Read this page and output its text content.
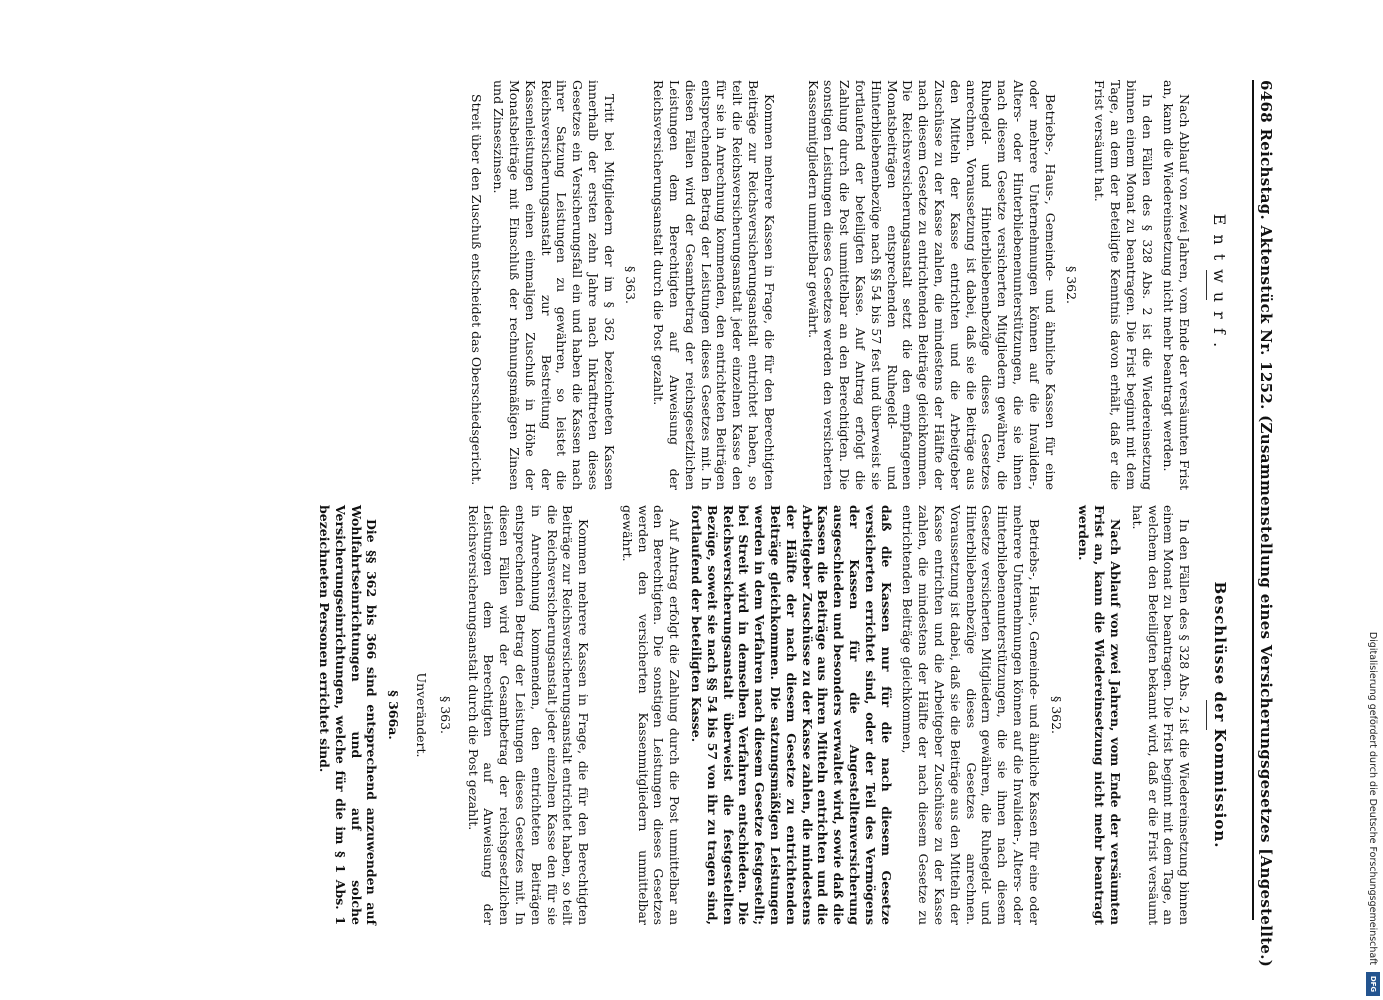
6468 Reichstag. Aktenstück Nr. 1252. (Zusammenstellung eines Versicherungsgesetzes [Angestellte.)
Entwurf.

Nach Ablauf von zwei Jahren, vom Ende der versäumten Frist an, kann die Wiedereinsetzung nicht mehr beantragt werden.

In den Fällen des § 328 Abs. 2 ist die Wiedereinsetzung binnen einem Monat zu beantragen. Die Frist beginnt mit dem Tage, an dem der Beteiligte Kenntnis davon erhält, daß er die Frist versäumt hat.

§ 362.

Betriebs-, Haus-, Gemeinde- und ähnliche Kassen für eine oder mehrere Unternehmungen können auf die Invaliden-, Alters- oder Hinterbliebenenunterstützungen, die sie ihnen nach diesem Gesetze versicherten Mitgliedern gewähren, die Ruhegeld- und Hinterbliebenenbezüge dieses Gesetzes anrechnen. Voraussetzung ist dabei, daß sie die Beiträge aus den Mitteln der Kasse entrichten und die Arbeitgeber Zuschüsse zu der Kasse zahlen, die mindestens der Hälfte der nach diesem Gesetze zu entrichtenden Beiträge gleichkommen. Die Reichsversicherungsanstalt setzt die den empfangenen Monatsbeiträgen entsprechenden Ruhegeld- und Hinterbliebenenbezüge nach §§ 54 bis 57 fest und überweist sie fortlaufend der beteiligten Kasse. Auf Antrag erfolgt die Zahlung durch die Post unmittelbar an den Berechtigten. Die sonstigen Leistungen dieses Gesetzes werden den versicherten Kassenmitgliedern unmittelbar gewährt.

Kommen mehrere Kassen in Frage, die für den Berechtigten Beiträge zur Reichsversicherungsanstalt entrichtet haben, so teilt die Reichsversicherungsanstalt jeder einzelnen Kasse den für sie in Anrechnung kommenden, den entrichteten Beiträgen entsprechenden Betrag der Leistungen dieses Gesetzes mit. In diesen Fällen wird der Gesamtbetrag der reichsgesetzlichen Leistungen dem Berechtigten auf Anweisung der Reichsversicherungsanstalt durch die Post gezahlt.

§ 363.

Tritt bei Mitgliedern der im § 362 bezeichneten Kassen innerhalb der ersten zehn Jahre nach Inkrafttreten dieses Gesetzes ein Versicherungsfall ein und haben die Kassen nach ihrer Satzung Leistungen zu gewähren, so leistet die Reichsversicherungsanstalt zur Bestreitung der Kassenleistungen einen einmaligen Zuschuß in Höhe der Monatsbeiträge mit Einschluß der rechnungsmäßigen Zinsen und Zinseszinsen.

Streit über den Zuschuß entscheidet das Oberschiedsgericht.

Beschlüsse der Kommission.

In den Fällen des § 328 Abs. 2 ist die Wiedereinsetzung binnen einem Monat zu beantragen. Die Frist beginnt mit dem Tage, an welchem den Beteiligten bekannt wird, daß er die Frist versäumt hat.

Nach Ablauf von zwei Jahren, vom Ende der versäumten Frist an, kann die Wiedereinsetzung nicht mehr beantragt werden.

§ 362.

Betriebs-, Haus-, Gemeinde- und ähnliche Kassen für eine oder mehrere Unternehmungen können auf die Invaliden-, Alters- oder Hinterbliebenenunterstützungen, die sie ihnen nach diesem Gesetze versicherten Mitgliedern gewähren, die Ruhegeld- und Hinterbliebenenbezüge dieses Gesetzes anrechnen. Voraussetzung ist dabei, daß sie die Beiträge aus den Mitteln der Kasse entrichten und die Arbeitgeber Zuschüsse zu der Kasse zahlen, die mindestens der Hälfte der nach diesem Gesetze zu entrichtenden Beiträge gleichkommen,

daß die Kassen nur für die nach diesem Gesetze versicherten errichtet sind, oder der Teil des Vermögens der Kassen für die Angestelltenversicherung ausgeschieden und besonders verwaltet wird, sowie daß die Kassen die Beiträge aus ihren Mitteln entrichten und die Arbeitgeber Zuschüsse zu der Kasse zahlen, die mindestens der Hälfte der nach diesem Gesetze zu entrichtenden Beiträge gleichkommen. Die satzungsmäßigen Leistungen werden in dem Verfahren nach diesem Gesetze festgestellt; bei Streit wird in demselben Verfahren entschieden. Die Reichsversicherungsanstalt überweist die festgestellten Bezüge, soweit sie nach §§ 54 bis 57 von ihr zu tragen sind, fortlaufend der beteiligten Kasse.

Auf Antrag erfolgt die Zahlung durch die Post unmittelbar an den Berechtigten. Die sonstigen Leistungen dieses Gesetzes werden den versicherten Kassenmitgliedern unmittelbar gewährt.

Kommen mehrere Kassen in Frage, die für den Berechtigten Beiträge zur Reichsversicherungsanstalt entrichtet haben, so teilt die Reichsversicherungsanstalt jeder einzelnen Kasse den für sie in Anrechnung kommenden, den entrichteten Beiträgen entsprechenden Betrag der Leistungen dieses Gesetzes mit. In diesen Fällen wird der Gesamtbetrag der reichsgesetzlichen Leistungen dem Berechtigten auf Anweisung der Reichsversicherungsanstalt durch die Post gezahlt.

§ 363.
Unverändert.
§ 366a.

Die §§ 362 bis 366 sind entsprechend anzuwenden auf Wohlfahrtseinrichtungen und auf solche Versicherungseinrichtungen, welche für die im § 1 Abs. 1 bezeichneten Personen errichtet sind.	Digitalisierung gefördert durch die Deutsche Forschungsgemeinschaft
DFG
